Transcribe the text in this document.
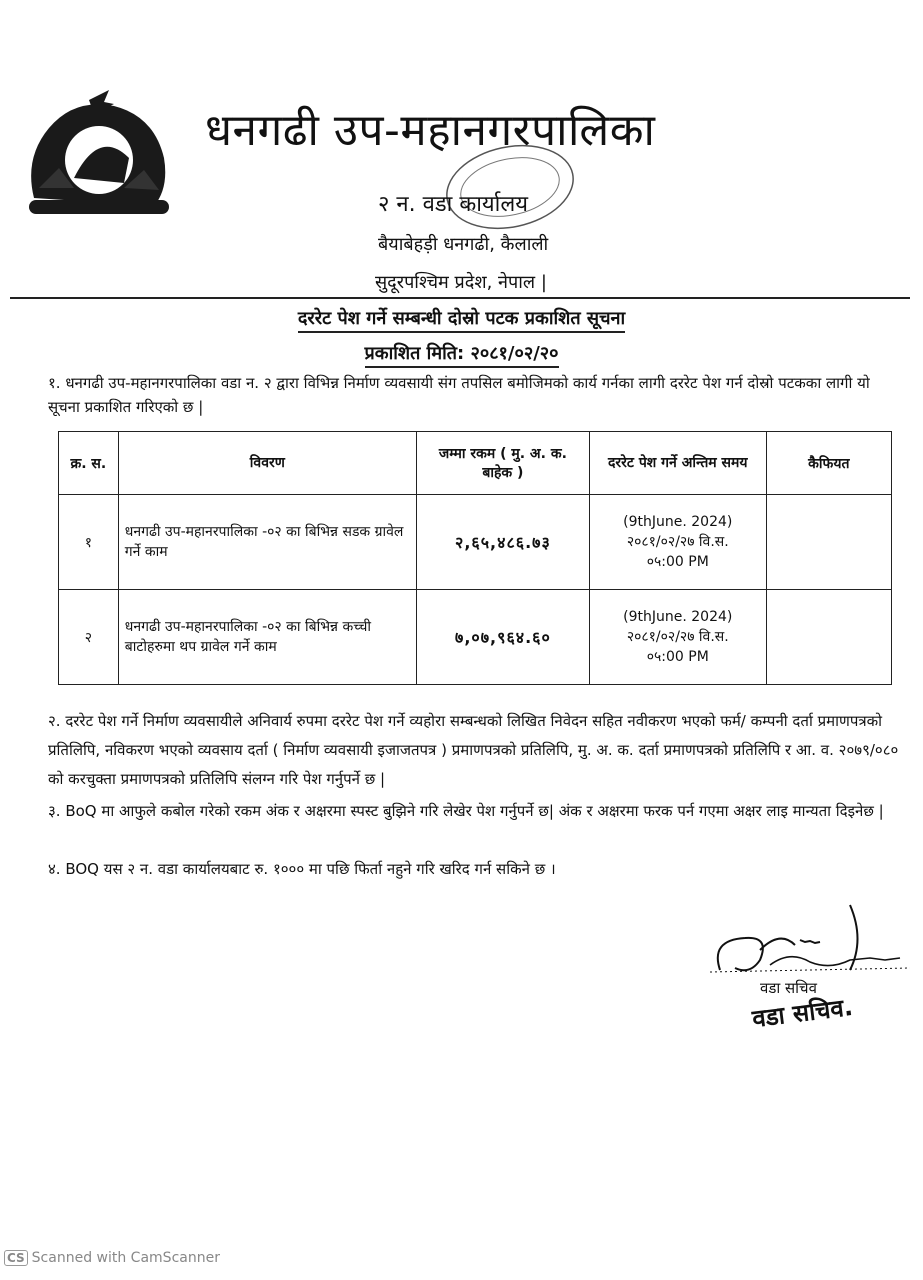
धनगढी उप-महानगरपालिका
२ न. वडा कार्यालय
बैयाबेहड़ी धनगढी, कैलाली
सुदूरपश्चिम प्रदेश, नेपाल |
दररेट पेश गर्ने सम्बन्धी दोस्रो पटक प्रकाशित सूचना
प्रकाशित मिति: २०८१/०२/२०
१. धनगढी उप-महानगरपालिका वडा न. २ द्वारा विभिन्न निर्माण व्यवसायी संग तपसिल बमोजिमको कार्य गर्नका लागी दररेट पेश गर्न दोस्रो पटकका लागी यो सूचना प्रकाशित गरिएको छ |
क्र. स.	विवरण	जम्मा रकम ( मु. अ. क. बाहेक )	दररेट पेश गर्ने अन्तिम समय	कैफियत
१	धनगढी उप-महानरपालिका -०२ का बिभिन्न सडक ग्रावेल गर्ने काम	२,६५,४८६.७३	(9thJune. 2024)
२०८१/०२/२७ वि.स.
०५:00 PM	

२	धनगढी उप-महानरपालिका -०२ का बिभिन्न कच्ची बाटोहरुमा थप ग्रावेल गर्ने काम	७,०७,९६४.६०	(9thJune. 2024)
२०८१/०२/२७ वि.स.
०५:00 PM	

२. दररेट पेश गर्ने निर्माण व्यवसायीले अनिवार्य रुपमा दररेट पेश गर्ने व्यहोरा सम्बन्धको लिखित निवेदन सहित नवीकरण भएको फर्म/ कम्पनी दर्ता प्रमाणपत्रको प्रतिलिपि, नविकरण भएको व्यवसाय दर्ता ( निर्माण व्यवसायी इजाजतपत्र ) प्रमाणपत्रको प्रतिलिपि, मु. अ. क. दर्ता प्रमाणपत्रको प्रतिलिपि र आ. व. २०७९/०८० को करचुक्ता प्रमाणपत्रको प्रतिलिपि संलग्न गरि पेश गर्नुपर्ने छ |
३. BoQ मा आफुले कबोल गरेको रकम अंक र अक्षरमा स्पस्ट बुझिने गरि लेखेर पेश गर्नुपर्ने छ| अंक र अक्षरमा फरक पर्न गएमा अक्षर लाइ मान्यता दिइनेछ |
४. BOQ यस २ न. वडा कार्यालयबाट रु. १००० मा पछि फिर्ता नहुने गरि खरिद गर्न सकिने छ ।
वडा सचिव
वडा सचिव.
CS Scanned with CamScanner
